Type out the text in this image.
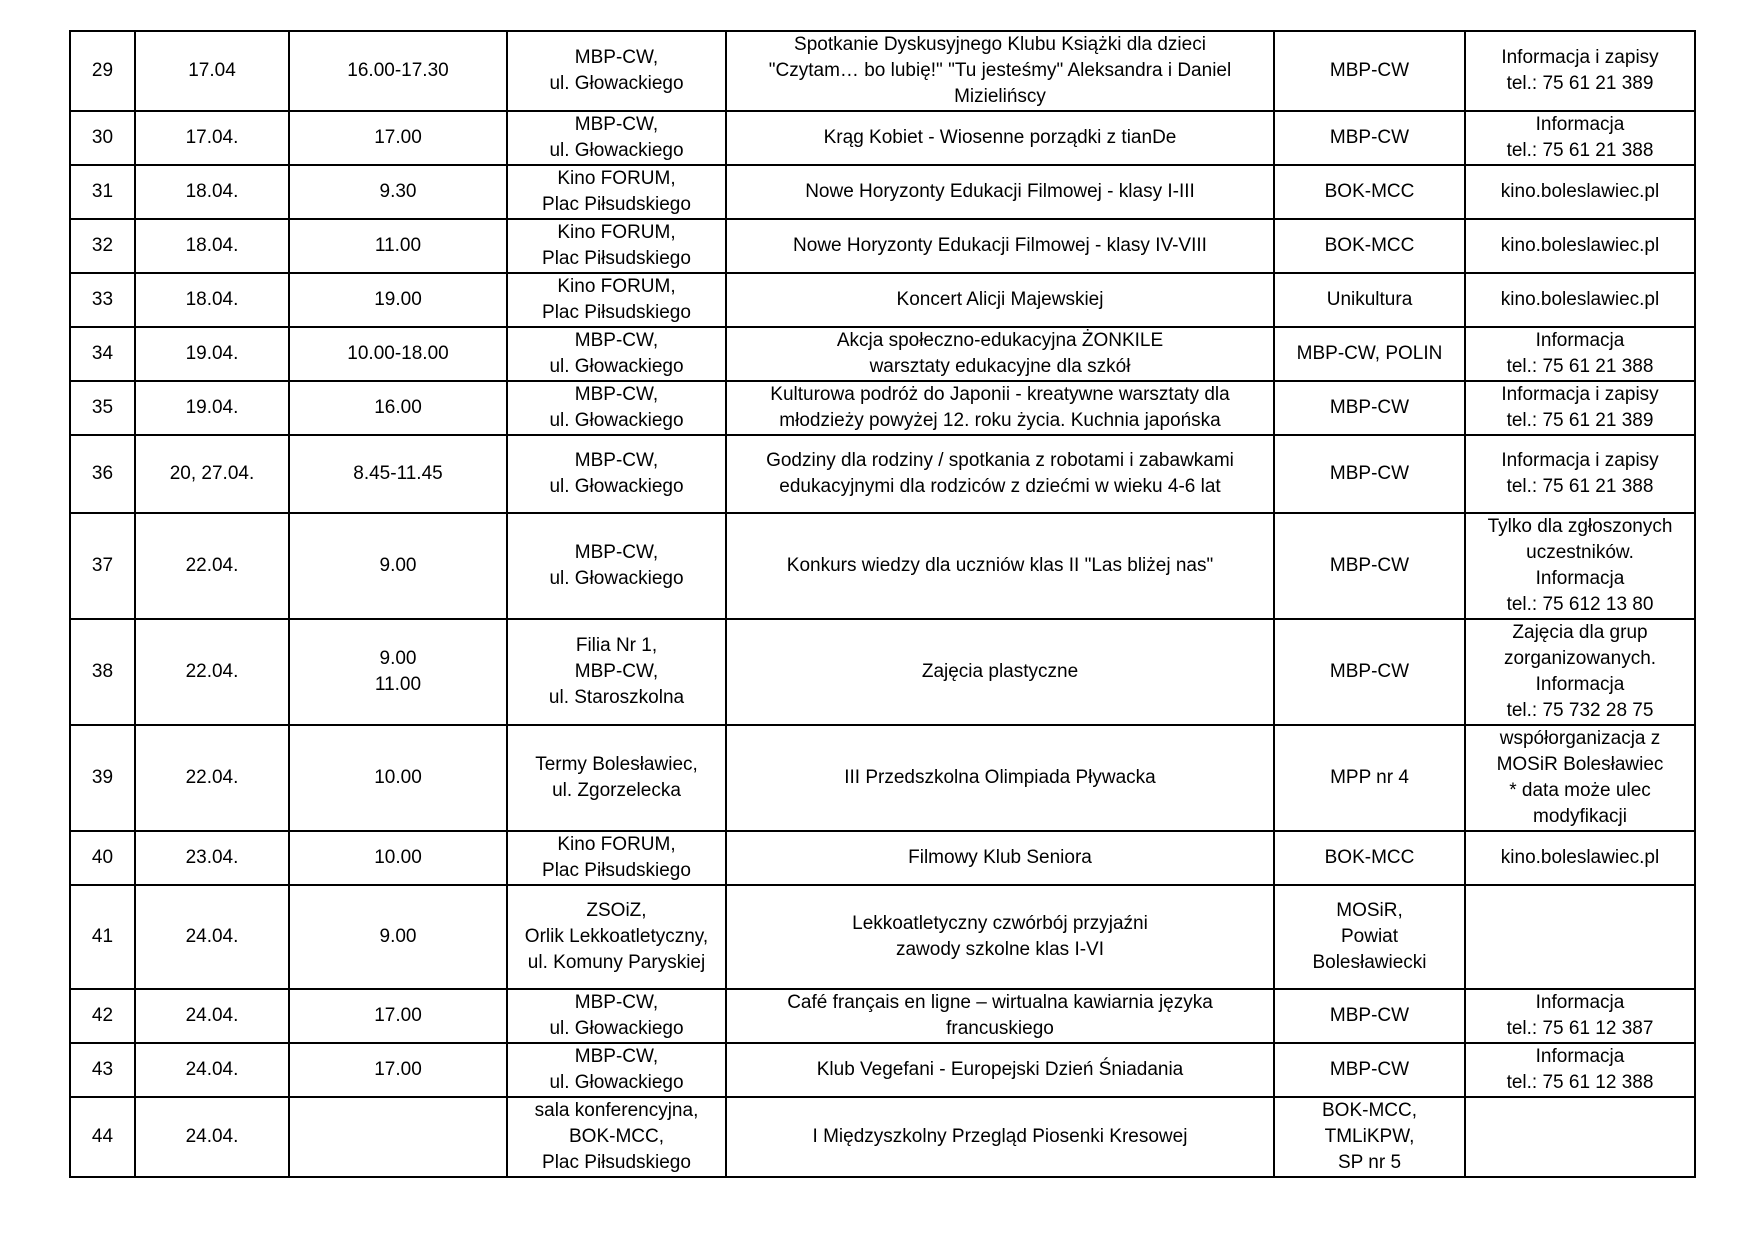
29	17.04	16.00-17.30	MBP-CW,
ul. Głowackiego	Spotkanie Dyskusyjnego Klubu Książki dla dzieci
"Czytam… bo lubię!" "Tu jesteśmy" Aleksandra i Daniel
Mizielińscy	MBP-CW	Informacja i zapisy
tel.: 75 61 21 389
30	17.04.	17.00	MBP-CW,
ul. Głowackiego	Krąg Kobiet - Wiosenne porządki z tianDe	MBP-CW	Informacja
tel.: 75 61 21 388
31	18.04.	9.30	Kino FORUM,
Plac Piłsudskiego	Nowe Horyzonty Edukacji Filmowej - klasy I-III	BOK-MCC	kino.boleslawiec.pl
32	18.04.	11.00	Kino FORUM,
Plac Piłsudskiego	Nowe Horyzonty Edukacji Filmowej - klasy IV-VIII	BOK-MCC	kino.boleslawiec.pl
33	18.04.	19.00	Kino FORUM,
Plac Piłsudskiego	Koncert Alicji Majewskiej	Unikultura	kino.boleslawiec.pl
34	19.04.	10.00-18.00	MBP-CW,
ul. Głowackiego	Akcja społeczno-edukacyjna ŻONKILE
warsztaty edukacyjne dla szkół	MBP-CW, POLIN	Informacja
tel.: 75 61 21 388
35	19.04.	16.00	MBP-CW,
ul. Głowackiego	Kulturowa podróż do Japonii - kreatywne warsztaty dla
młodzieży powyżej 12. roku życia. Kuchnia japońska	MBP-CW	Informacja i zapisy
tel.: 75 61 21 389
36	20, 27.04.	8.45-11.45	MBP-CW,
ul. Głowackiego	Godziny dla rodziny / spotkania z robotami i zabawkami
edukacyjnymi dla rodziców z dziećmi w wieku 4-6 lat	MBP-CW	Informacja i zapisy
tel.: 75 61 21 388
37	22.04.	9.00	MBP-CW,
ul. Głowackiego	Konkurs wiedzy dla uczniów klas II "Las bliżej nas"	MBP-CW	Tylko dla zgłoszonych
uczestników.
Informacja
tel.: 75 612 13 80
38	22.04.	9.00
11.00	Filia Nr 1,
MBP-CW,
ul. Staroszkolna	Zajęcia plastyczne	MBP-CW	Zajęcia dla grup
zorganizowanych.
Informacja
tel.: 75 732 28 75
39	22.04.	10.00	Termy Bolesławiec,
ul. Zgorzelecka	III Przedszkolna Olimpiada Pływacka	MPP nr 4	współorganizacja z
MOSiR Bolesławiec
* data może ulec
modyfikacji
40	23.04.	10.00	Kino FORUM,
Plac Piłsudskiego	Filmowy Klub Seniora	BOK-MCC	kino.boleslawiec.pl
41	24.04.	9.00	ZSOiZ,
Orlik Lekkoatletyczny,
ul. Komuny Paryskiej	Lekkoatletyczny czwórbój przyjaźni
zawody szkolne klas I-VI	MOSiR,
Powiat
Bolesławiecki	
42	24.04.	17.00	MBP-CW,
ul. Głowackiego	Café français en ligne – wirtualna kawiarnia języka
francuskiego	MBP-CW	Informacja
tel.: 75 61 12 387
43	24.04.	17.00	MBP-CW,
ul. Głowackiego	Klub Vegefani - Europejski Dzień Śniadania	MBP-CW	Informacja
tel.: 75 61 12 388
44	24.04.		sala konferencyjna,
BOK-MCC,
Plac Piłsudskiego	I Międzyszkolny Przegląd Piosenki Kresowej	BOK-MCC,
TMLiKPW,
SP nr 5	
